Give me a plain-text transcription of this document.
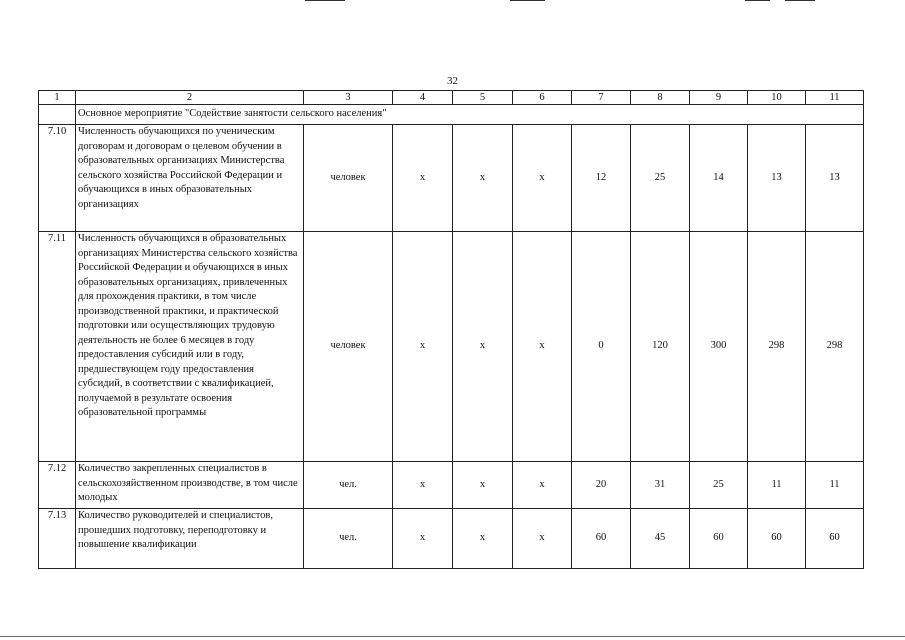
32
1	2	3	4	5	6	7	8	9	10	11
	Основное мероприятие "Содействие занятости сельского населения"									
7.10	Численность обучающихся по ученическим договорам и договорам о целевом обучении в образовательных организациях Министерства сельского хозяйства Российской Федерации и обучающихся в иных образовательных организациях	человек	х	х	х	12	25	14	13	13
7.11	Численность обучающихся в образовательных организациях Министерства сельского хозяйства Российской Федерации и обучающихся в иных образовательных организациях, привлеченных для прохождения практики, в том числе производственной практики, и практической подготовки или осуществляющих трудовую деятельность не более 6 месяцев в году предоставления субсидий или в году, предшествующем году предоставления субсидий, в соответствии с квалификацией, получаемой в результате освоения образовательной программы	человек	х	х	х	0	120	300	298	298
7.12	Количество закрепленных специалистов в сельскохозяйственном производстве, в том числе молодых	чел.	х	х	х	20	31	25	11	11
7.13	Количество руководителей и специалистов, прошедших подготовку, переподготовку и повышение квалификации	чел.	х	х	х	60	45	60	60	60
